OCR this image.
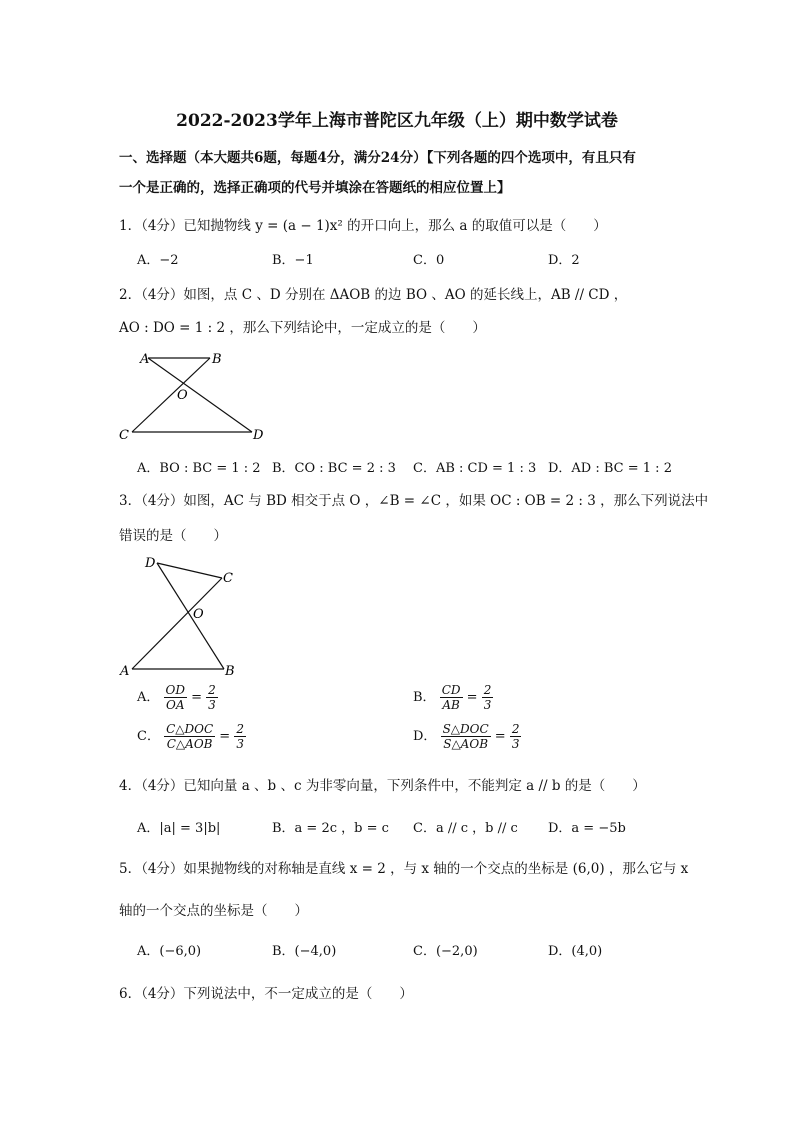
2022-2023学年上海市普陀区九年级（上）期中数学试卷
一、选择题（本大题共6题，每题4分，满分24分）【下列各题的四个选项中，有且只有
一个是正确的，选择正确项的代号并填涂在答题纸的相应位置上】
1．（4分）已知抛物线 y = (a − 1)x² 的开口向上，那么 a 的取值可以是（　　）
A．−2	B．−1	C．0	D．2
2．（4分）如图，点 C 、D 分别在 ΔAOB 的边 BO 、AO 的延长线上，AB // CD ，
AO : DO = 1 : 2 ，那么下列结论中，一定成立的是（　　）
A	B
O
C	D
A．BO : BC = 1 : 2 B．CO : BC = 2 : 3 C．AB : CD = 1 : 3 D．AD : BC = 1 : 2
3．（4分）如图，AC 与 BD 相交于点 O ，∠B = ∠C ，如果 OC : OB = 2 : 3 ，那么下列说法中
错误的是（　　）
D
C
O
A	B
A． $\frac{OD}{OA} = \frac{2}{3}$	B． $\frac{CD}{AB} = \frac{2}{3}$
C． $\frac{\text{C△DOC}}{\text{C△AOB}} = \frac{2}{3}$	D． $\frac{\text{S△DOC}}{\text{S△AOB}} = \frac{2}{3}$
4．（4分）已知向量 a 、b 、c 为非零向量，下列条件中，不能判定 a // b 的是（　　）
A．|a| = 3|b|	B．a = 2c ，b = c C．a // c ，b // c D．a = −5b
5．（4分）如果抛物线的对称轴是直线 x = 2 ，与 x 轴的一个交点的坐标是 (6,0) ，那么它与 x
轴的一个交点的坐标是（　　）
A．(−6,0)	B．(−4,0)	C．(−2,0)	D．(4,0)
6．（4分）下列说法中，不一定成立的是（　　）
